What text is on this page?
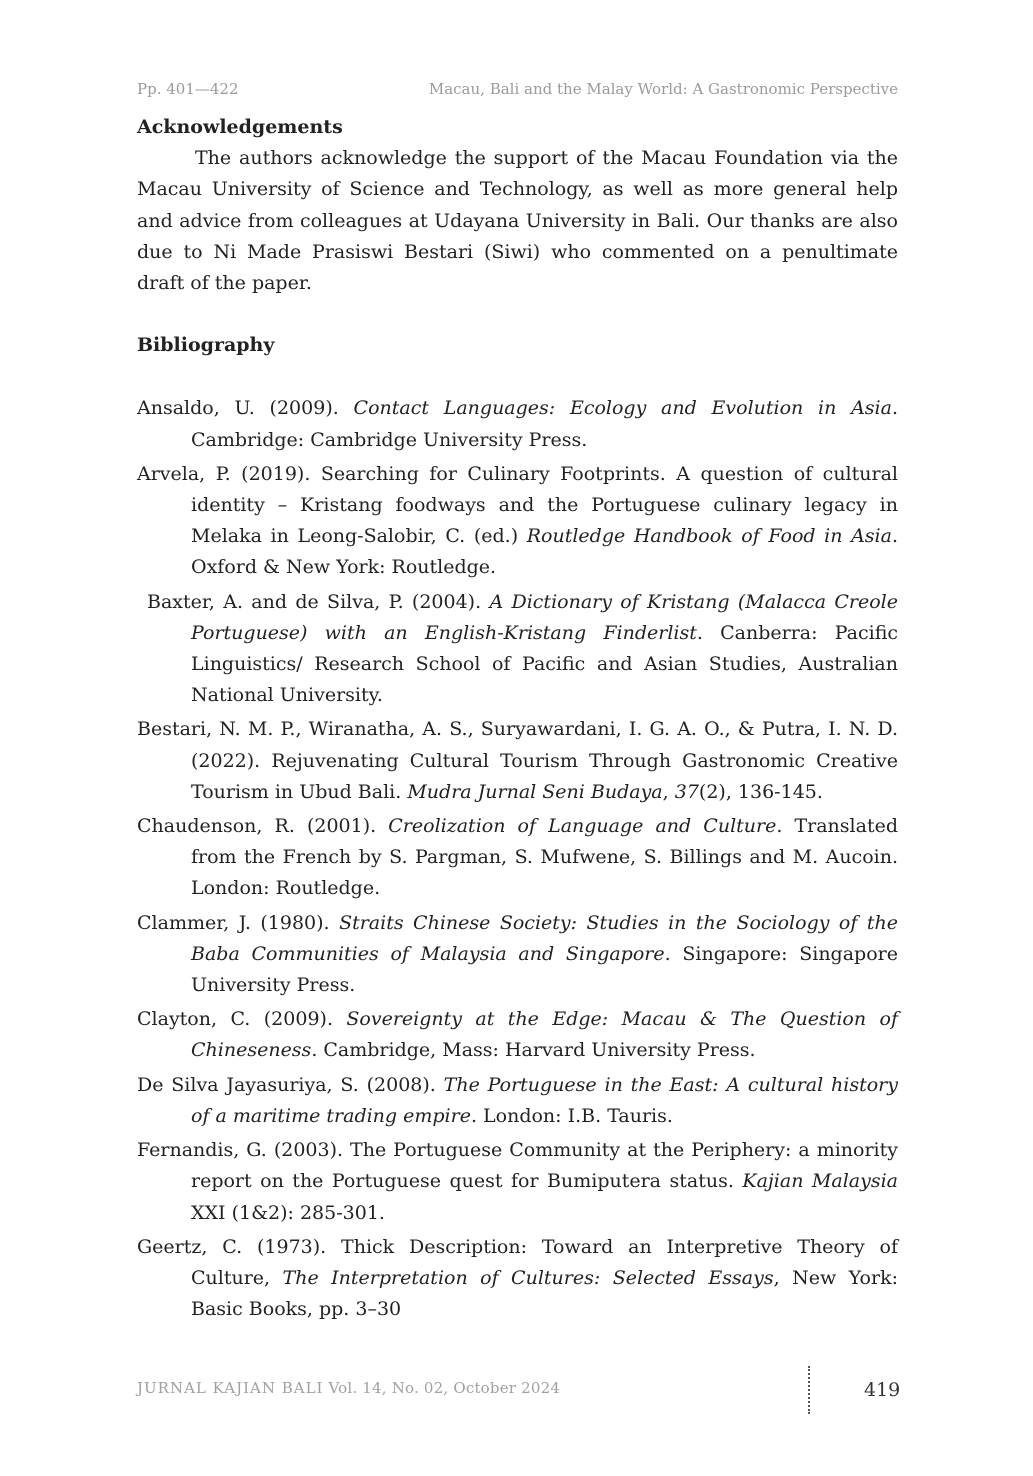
Pp. 401—422	Macau, Bali and the Malay World: A Gastronomic Perspective

Acknowledgements

The authors acknowledge the support of the Macau Foundation via the Macau University of Science and Technology, as well as more general help and advice from colleagues at Udayana University in Bali. Our thanks are also due to Ni Made Prasiswi Bestari (Siwi) who commented on a penultimate draft of the paper.

Bibliography

Ansaldo, U. (2009). Contact Languages: Ecology and Evolution in Asia. Cambridge: Cambridge University Press.

Arvela, P. (2019). Searching for Culinary Footprints. A question of cultural identity – Kristang foodways and the Portuguese culinary legacy in Melaka in Leong-Salobir, C. (ed.) Routledge Handbook of Food in Asia. Oxford & New York: Routledge.

Baxter, A. and de Silva, P. (2004). A Dictionary of Kristang (Malacca Creole Portuguese) with an English-Kristang Finderlist. Canberra: Pacific Linguistics/ Research School of Pacific and Asian Studies, Australian National University.

Bestari, N. M. P., Wiranatha, A. S., Suryawardani, I. G. A. O., & Putra, I. N. D. (2022). Rejuvenating Cultural Tourism Through Gastronomic Creative Tourism in Ubud Bali. Mudra Jurnal Seni Budaya, 37(2), 136-145.

Chaudenson, R. (2001). Creolization of Language and Culture. Translated from the French by S. Pargman, S. Mufwene, S. Billings and M. Aucoin. London: Routledge.

Clammer, J. (1980). Straits Chinese Society: Studies in the Sociology of the Baba Communities of Malaysia and Singapore. Singapore: Singapore University Press.

Clayton, C. (2009). Sovereignty at the Edge: Macau & The Question of Chineseness. Cambridge, Mass: Harvard University Press.

De Silva Jayasuriya, S. (2008). The Portuguese in the East: A cultural history of a maritime trading empire. London: I.B. Tauris.

Fernandis, G. (2003). The Portuguese Community at the Periphery: a minority report on the Portuguese quest for Bumiputera status. Kajian Malaysia XXI (1&2): 285-301.

Geertz, C. (1973). Thick Description: Toward an Interpretive Theory of Culture, The Interpretation of Cultures: Selected Essays, New York: Basic Books, pp. 3–30

JURNAL KAJIAN BALI Vol. 14, No. 02, October 2024	419
